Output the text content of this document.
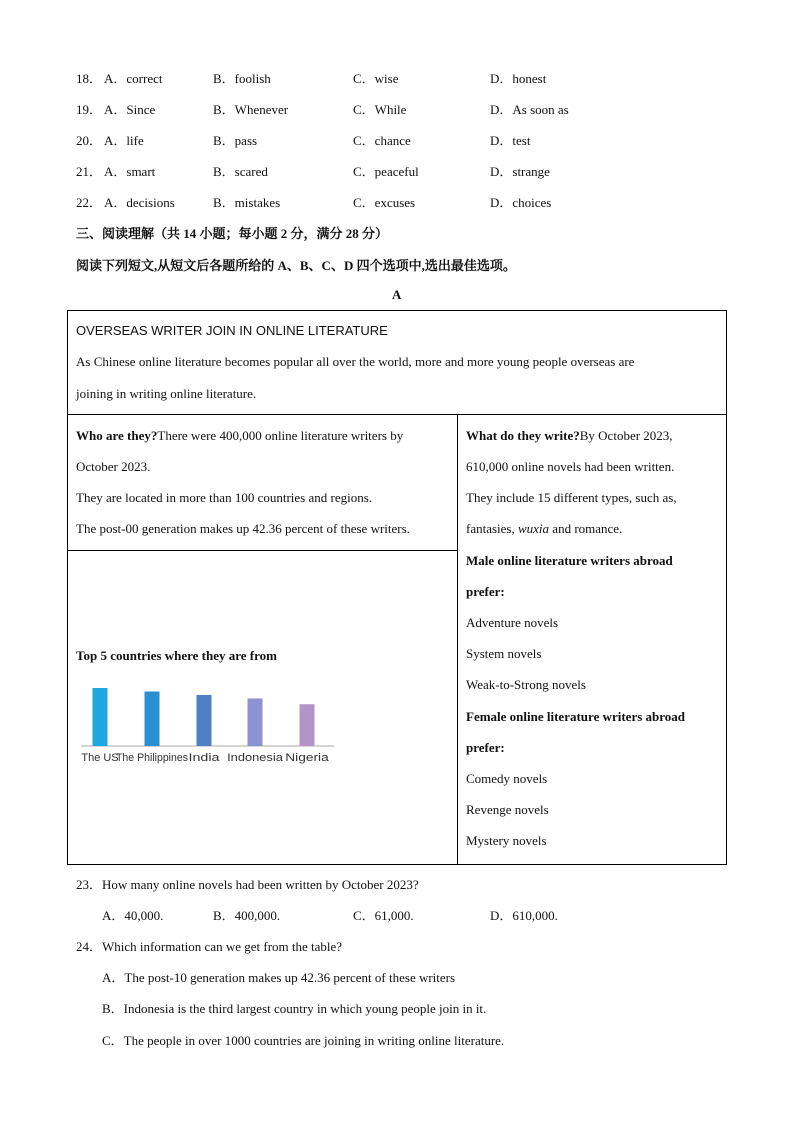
18． A．correct	B．foolish	C．wise	D．honest
19． A．Since	B．Whenever	C．While	D．As soon as
20． A．life	B．pass	C．chance	D．test
21． A．smart	B．scared	C．peaceful	D．strange
22． A．decisions	B．mistakes	C．excuses	D．choices
三、阅读理解（共 14 小题；每小题 2 分，满分 28 分）
阅读下列短文,从短文后各题所给的 A、B、C、D 四个选项中,选出最佳选项。
A
OVERSEAS WRITER JOIN IN ONLINE LITERATURE
As Chinese online literature becomes popular all over the world, more and more young people overseas are
joining in writing online literature.
Who are they?There were 400,000 online literature writers by
October 2023.
They are located in more than 100 countries and regions.
The post-00 generation makes up 42.36 percent of these writers.
Top 5 countries where they are from
The US
The Philippines India Indonesia Nigeria
What do they write?By October 2023,
610,000 online novels had been written.
They include 15 different types, such as,
fantasies, wuxia and romance.
Male online literature writers abroad
prefer:
Adventure novels
System novels
Weak-to-Strong novels
Female online literature writers abroad
prefer:
Comedy novels
Revenge novels
Mystery novels
23．How many online novels had been written by October 2023?
A．40,000.	B．400,000.	C．61,000.	D．610,000.
24．Which information can we get from the table?
A．The post-10 generation makes up 42.36 percent of these writers
B．Indonesia is the third largest country in which young people join in it.
C．The people in over 1000 countries are joining in writing online literature.
